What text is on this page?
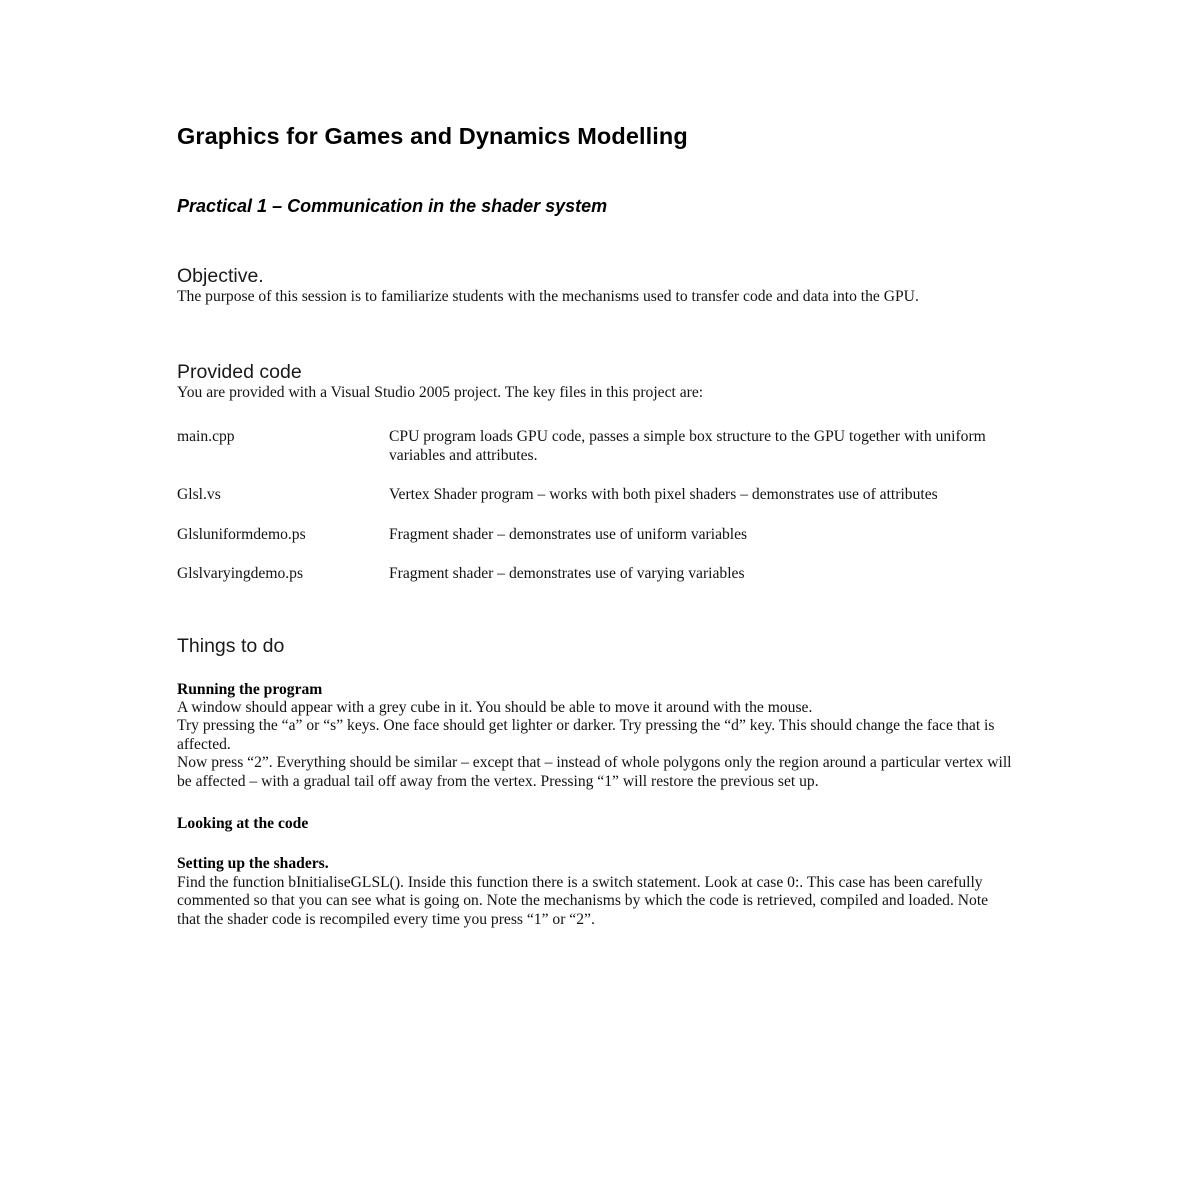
Graphics for Games and Dynamics Modelling
Practical 1 – Communication in the shader system
Objective.

The purpose of this session is to familiarize students with the mechanisms used to transfer code and data into the GPU.

Provided code

You are provided with a Visual Studio 2005 project. The key files in this project are:

main.cpp	CPU program loads GPU code, passes a simple box structure to the GPU together with uniform variables and attributes.
Glsl.vs	Vertex Shader program – works with both pixel shaders – demonstrates use of attributes
Glsluniformdemo.ps	Fragment shader – demonstrates use of uniform variables
Glslvaryingdemo.ps	Fragment shader – demonstrates use of varying variables
Things to do
Running the program

A window should appear with a grey cube in it. You should be able to move it around with the mouse.

Try pressing the “a” or “s” keys. One face should get lighter or darker. Try pressing the “d” key. This should change the face that is affected.

Now press “2”. Everything should be similar – except that – instead of whole polygons only the region around a particular vertex will be affected – with a gradual tail off away from the vertex. Pressing “1” will restore the previous set up.

Looking at the code
Setting up the shaders.

Find the function bInitialiseGLSL(). Inside this function there is a switch statement. Look at case 0:. This case has been carefully commented so that you can see what is going on. Note the mechanisms by which the code is retrieved, compiled and loaded. Note that the shader code is recompiled every time you press “1” or “2”.
